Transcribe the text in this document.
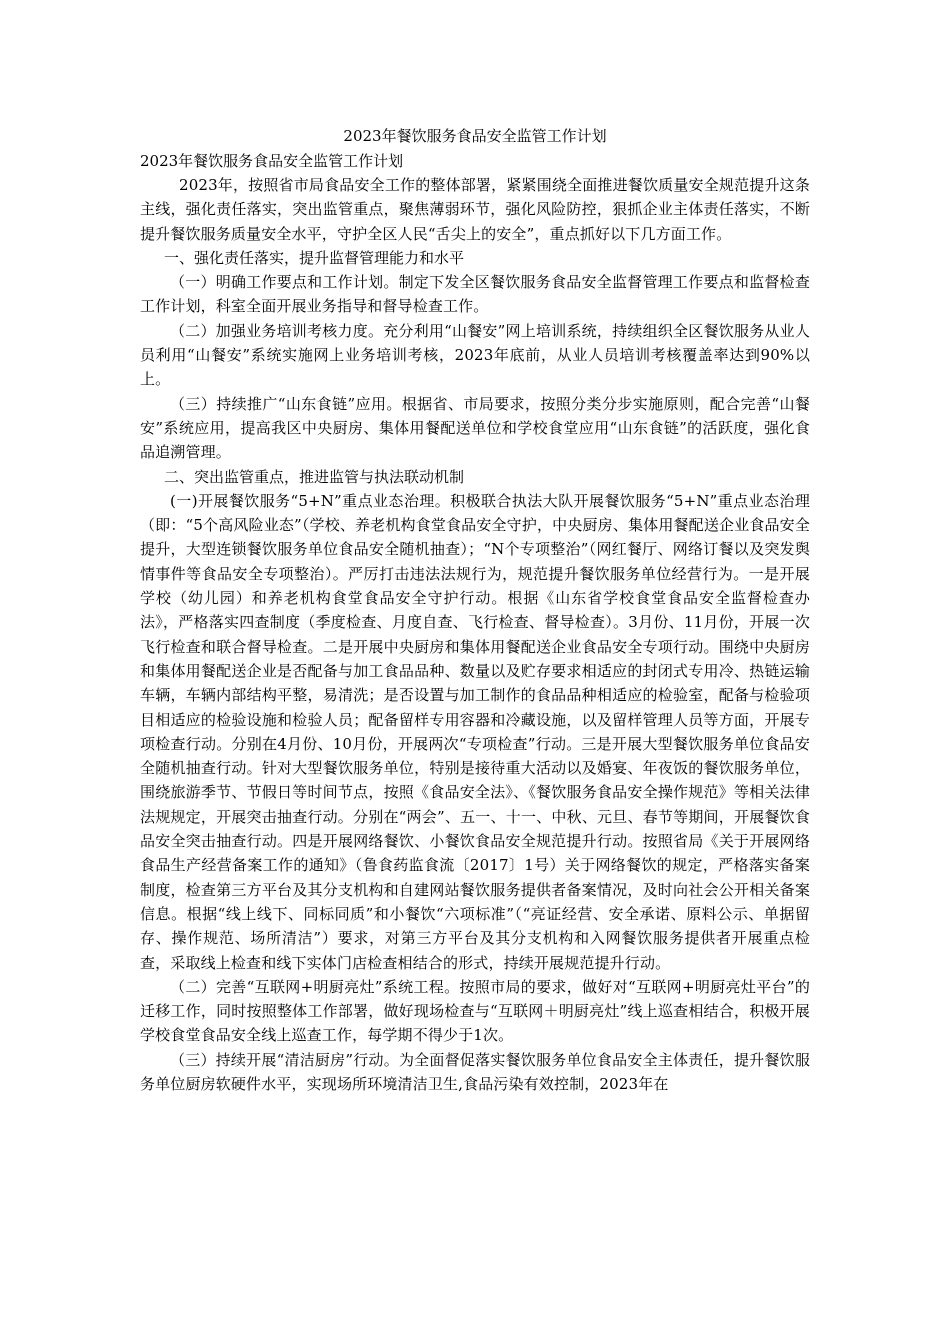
2023年餐饮服务食品安全监管工作计划

2023年餐饮服务食品安全监管工作计划

2023年，按照省市局食品安全工作的整体部署，紧紧围绕全面推进餐饮质量安全规范提升这条主线，强化责任落实，突出监管重点，聚焦薄弱环节，强化风险防控，狠抓企业主体责任落实，不断提升餐饮服务质量安全水平，守护全区人民“舌尖上的安全”，重点抓好以下几方面工作。

一、强化责任落实，提升监督管理能力和水平

（一）明确工作要点和工作计划。制定下发全区餐饮服务食品安全监督管理工作要点和监督检查工作计划，科室全面开展业务指导和督导检查工作。

（二）加强业务培训考核力度。充分利用“山餐安”网上培训系统，持续组织全区餐饮服务从业人员利用“山餐安”系统实施网上业务培训考核，2023年底前，从业人员培训考核覆盖率达到90%以上。

（三）持续推广“山东食链”应用。根据省、市局要求，按照分类分步实施原则，配合完善“山餐安”系统应用，提高我区中央厨房、集体用餐配送单位和学校食堂应用“山东食链”的活跃度，强化食品追溯管理。

二、突出监管重点，推进监管与执法联动机制

(一)开展餐饮服务“5+N”重点业态治理。积极联合执法大队开展餐饮服务“5+N”重点业态治理（即：“5个高风险业态”（学校、养老机构食堂食品安全守护，中央厨房、集体用餐配送企业食品安全提升，大型连锁餐饮服务单位食品安全随机抽查）；“N个专项整治”（网红餐厅、网络订餐以及突发舆情事件等食品安全专项整治）。严厉打击违法法规行为，规范提升餐饮服务单位经营行为。一是开展学校（幼儿园）和养老机构食堂食品安全守护行动。根据《山东省学校食堂食品安全监督检查办法》，严格落实四查制度（季度检查、月度自查、飞行检查、督导检查）。3月份、11月份，开展一次飞行检查和联合督导检查。二是开展中央厨房和集体用餐配送企业食品安全专项行动。围绕中央厨房和集体用餐配送企业是否配备与加工食品品种、数量以及贮存要求相适应的封闭式专用冷、热链运输车辆，车辆内部结构平整，易清洗；是否设置与加工制作的食品品种相适应的检验室，配备与检验项目相适应的检验设施和检验人员；配备留样专用容器和冷藏设施，以及留样管理人员等方面，开展专项检查行动。分别在4月份、10月份，开展两次“专项检查”行动。三是开展大型餐饮服务单位食品安全随机抽查行动。针对大型餐饮服务单位，特别是接待重大活动以及婚宴、年夜饭的餐饮服务单位，围绕旅游季节、节假日等时间节点，按照《食品安全法》、《餐饮服务食品安全操作规范》等相关法律法规规定，开展突击抽查行动。分别在“两会”、五一、十一、中秋、元旦、春节等期间，开展餐饮食品安全突击抽查行动。四是开展网络餐饮、小餐饮食品安全规范提升行动。按照省局《关于开展网络食品生产经营备案工作的通知》（鲁食药监食流〔2017〕1号）关于网络餐饮的规定，严格落实备案制度，检查第三方平台及其分支机构和自建网站餐饮服务提供者备案情况，及时向社会公开相关备案信息。根据“线上线下、同标同质”和小餐饮“六项标准”（“亮证经营、安全承诺、原料公示、单据留存、操作规范、场所清洁”）要求，对第三方平台及其分支机构和入网餐饮服务提供者开展重点检查，采取线上检查和线下实体门店检查相结合的形式，持续开展规范提升行动。

（二）完善“互联网+明厨亮灶”系统工程。按照市局的要求，做好对“互联网+明厨亮灶平台”的迁移工作，同时按照整体工作部署，做好现场检查与“互联网＋明厨亮灶”线上巡查相结合，积极开展学校食堂食品安全线上巡查工作，每学期不得少于1次。

（三）持续开展“清洁厨房”行动。为全面督促落实餐饮服务单位食品安全主体责任，提升餐饮服务单位厨房软硬件水平，实现场所环境清洁卫生,食品污染有效控制，2023年在
